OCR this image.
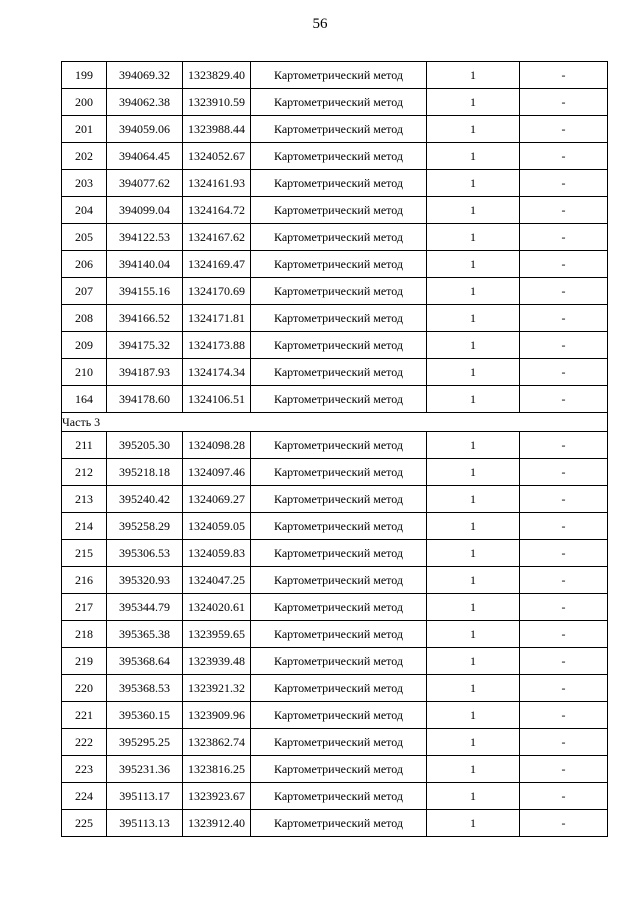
56
199	394069.32	1323829.40	Картометрический метод	1	-
200	394062.38	1323910.59	Картометрический метод	1	-
201	394059.06	1323988.44	Картометрический метод	1	-
202	394064.45	1324052.67	Картометрический метод	1	-
203	394077.62	1324161.93	Картометрический метод	1	-
204	394099.04	1324164.72	Картометрический метод	1	-
205	394122.53	1324167.62	Картометрический метод	1	-
206	394140.04	1324169.47	Картометрический метод	1	-
207	394155.16	1324170.69	Картометрический метод	1	-
208	394166.52	1324171.81	Картометрический метод	1	-
209	394175.32	1324173.88	Картометрический метод	1	-
210	394187.93	1324174.34	Картометрический метод	1	-
164	394178.60	1324106.51	Картометрический метод	1	-
Часть 3					
211	395205.30	1324098.28	Картометрический метод	1	-
212	395218.18	1324097.46	Картометрический метод	1	-
213	395240.42	1324069.27	Картометрический метод	1	-
214	395258.29	1324059.05	Картометрический метод	1	-
215	395306.53	1324059.83	Картометрический метод	1	-
216	395320.93	1324047.25	Картометрический метод	1	-
217	395344.79	1324020.61	Картометрический метод	1	-
218	395365.38	1323959.65	Картометрический метод	1	-
219	395368.64	1323939.48	Картометрический метод	1	-
220	395368.53	1323921.32	Картометрический метод	1	-
221	395360.15	1323909.96	Картометрический метод	1	-
222	395295.25	1323862.74	Картометрический метод	1	-
223	395231.36	1323816.25	Картометрический метод	1	-
224	395113.17	1323923.67	Картометрический метод	1	-
225	395113.13	1323912.40	Картометрический метод	1	-
